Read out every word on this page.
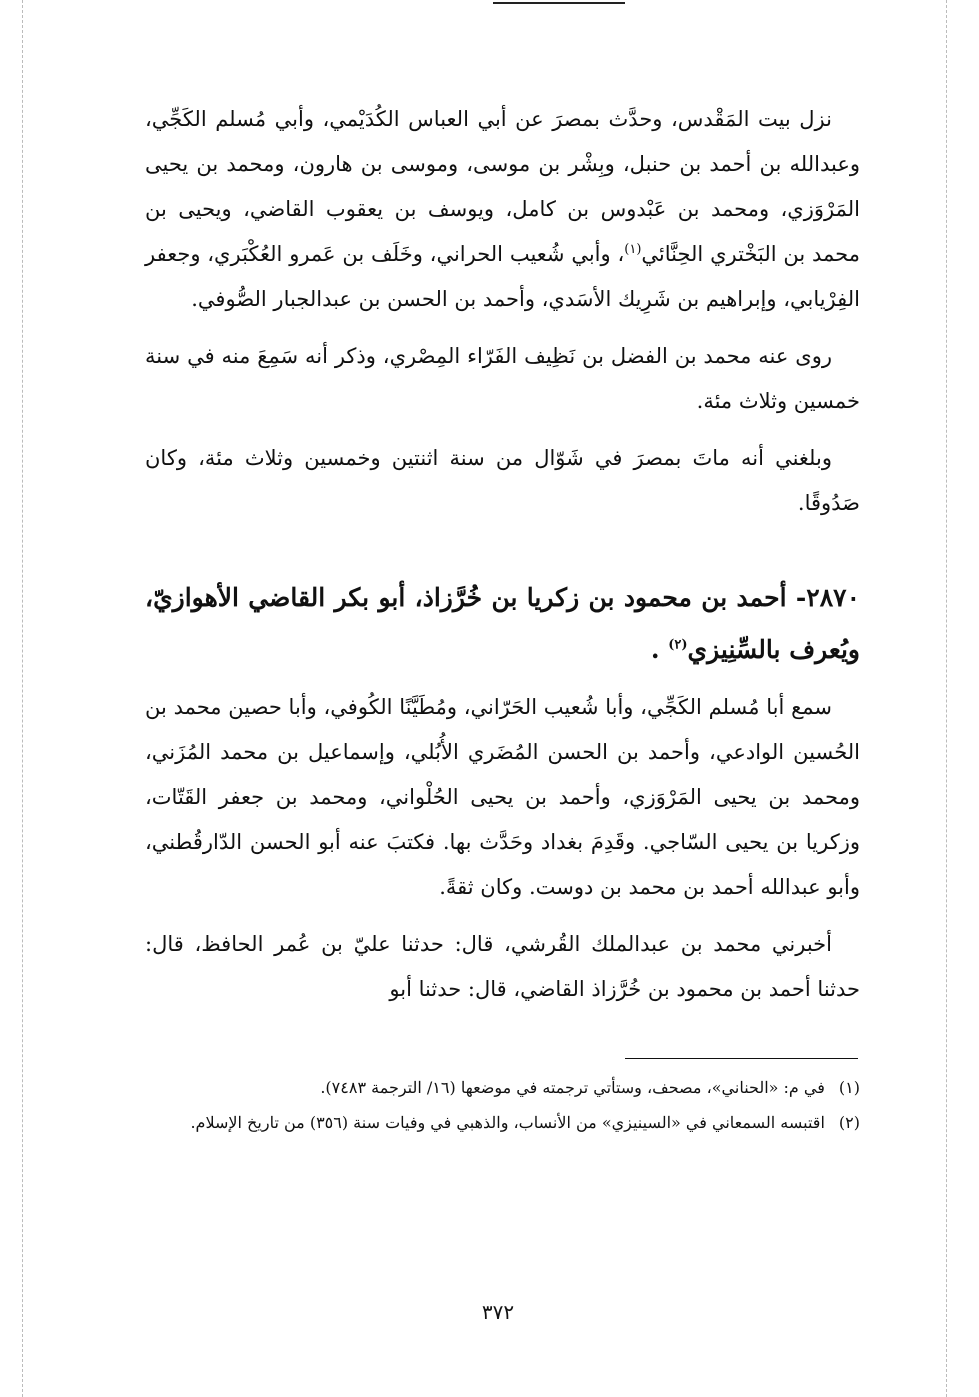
نزل بيت المَقْدس، وحدَّث بمصرَ عن أبي العباس الكُدَيْمي، وأبي مُسلم الكَجِّي، وعبدالله بن أحمد بن حنبل، وبِشْر بن موسى، وموسى بن هارون، ومحمد بن يحيى المَرْوَزي، ومحمد بن عَبْدوس بن كامل، ويوسف بن يعقوب القاضي، ويحيى بن محمد بن البَخْتري الحِنَّائي$^{(١)}$، وأبي شُعيب الحراني، وخَلَف بن عَمرو العُكْبَري، وجعفر الفِرْيابي، وإبراهيم بن شَرِيك الأسَدي، وأحمد بن الحسن بن عبدالجبار الصُّوفي.

روى عنه محمد بن الفضل بن نَظِيف الفَرّاء المِصْري، وذكر أنه سَمِعَ منه في سنة خمسين وثلاث مئة.

وبلغني أنه ماتَ بمصرَ في شَوّال من سنة اثنتين وخمسين وثلاث مئة، وكان صَدُوقًا.

٢٨٧٠- أحمد بن محمود بن زكريا بن خُرَّزاذ، أبو بكر القاضي الأهوازيّ، ويُعرف بالسِّنِيزي$^{(٢)}$ .

سمع أبا مُسلم الكَجِّي، وأبا شُعيب الحَرّاني، ومُطَيَّنًا الكُوفي، وأبا حصين محمد بن الحُسين الوادعي، وأحمد بن الحسن المُضَري الأُبُلي، وإسماعيل بن محمد المُزَني، ومحمد بن يحيى المَرْوَزي، وأحمد بن يحيى الحُلْواني، ومحمد بن جعفر القَتّات، وزكريا بن يحيى السّاجي. وقَدِمَ بغداد وحَدَّث بها. فكتبَ عنه أبو الحسن الدّارقُطني، وأبو عبدالله أحمد بن محمد بن دوست. وكان ثقةً.

أخبرني محمد بن عبدالملك القُرشي، قال: حدثنا عليّ بن عُمر الحافظ، قال: حدثنا أحمد بن محمود بن خُرَّزاذ القاضي، قال: حدثنا أبو

(١)في م: «الحناني»، مصحف، وستأتي ترجمته في موضعها (١٦/ الترجمة ٧٤٨٣).
(٢)اقتبسه السمعاني في «السينيزي» من الأنساب، والذهبي في وفيات سنة (٣٥٦) من تاريخ الإسلام.
٣٧٢
